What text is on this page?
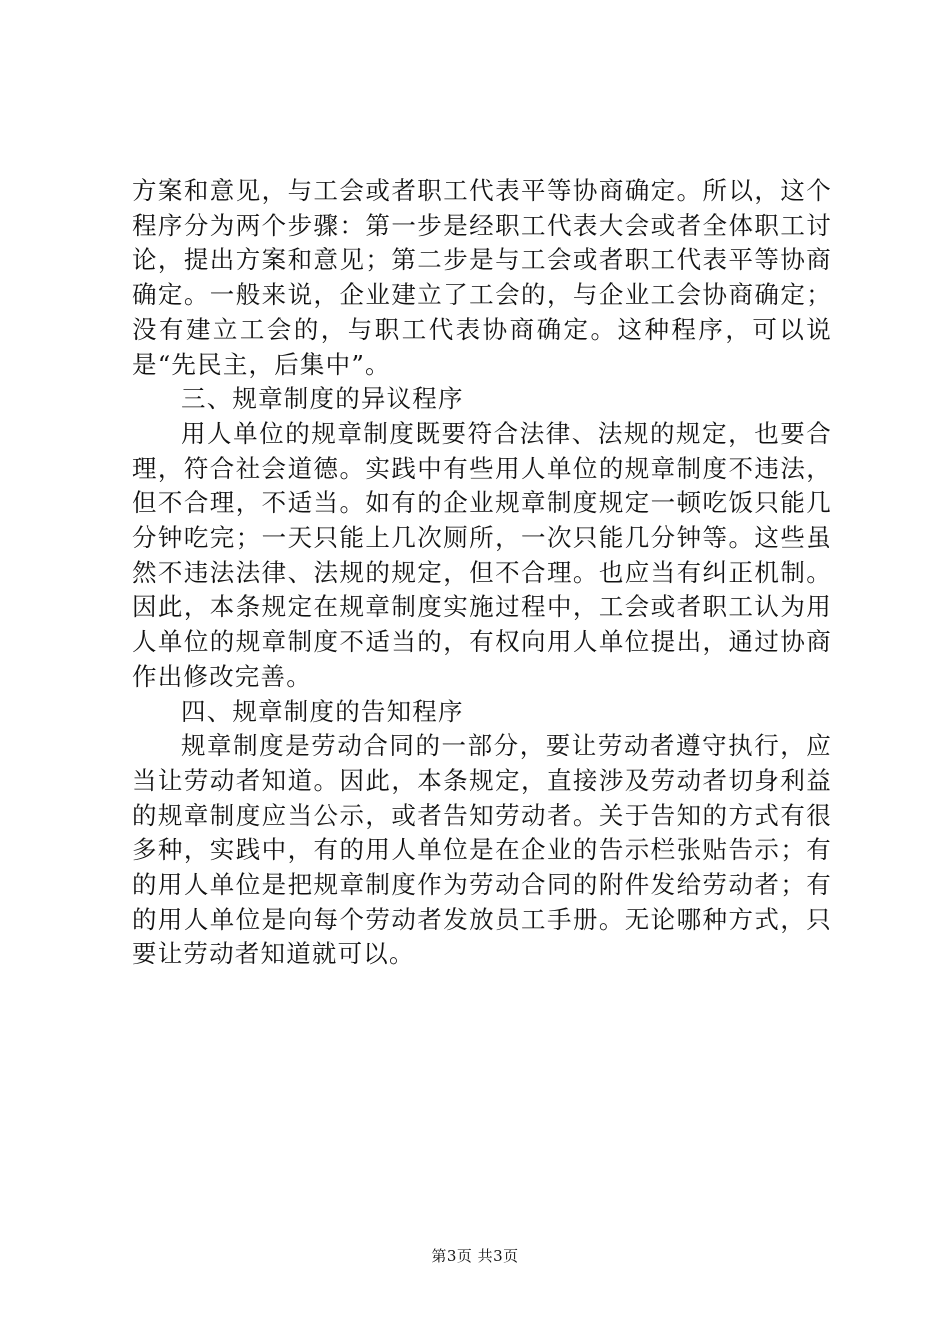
方案和意见，与工会或者职工代表平等协商确定。所以，这个程序分为两个步骤：第一步是经职工代表大会或者全体职工讨论，提出方案和意见；第二步是与工会或者职工代表平等协商确定。一般来说，企业建立了工会的，与企业工会协商确定；没有建立工会的，与职工代表协商确定。这种程序，可以说是“先民主，后集中”。

三、规章制度的异议程序

用人单位的规章制度既要符合法律、法规的规定，也要合理，符合社会道德。实践中有些用人单位的规章制度不违法，但不合理，不适当。如有的企业规章制度规定一顿吃饭只能几分钟吃完；一天只能上几次厕所，一次只能几分钟等。这些虽然不违法法律、法规的规定，但不合理。也应当有纠正机制。因此，本条规定在规章制度实施过程中，工会或者职工认为用人单位的规章制度不适当的，有权向用人单位提出，通过协商作出修改完善。

四、规章制度的告知程序

规章制度是劳动合同的一部分，要让劳动者遵守执行，应当让劳动者知道。因此，本条规定，直接涉及劳动者切身利益的规章制度应当公示，或者告知劳动者。关于告知的方式有很多种，实践中，有的用人单位是在企业的告示栏张贴告示；有的用人单位是把规章制度作为劳动合同的附件发给劳动者；有的用人单位是向每个劳动者发放员工手册。无论哪种方式，只要让劳动者知道就可以。

第3页 共3页
